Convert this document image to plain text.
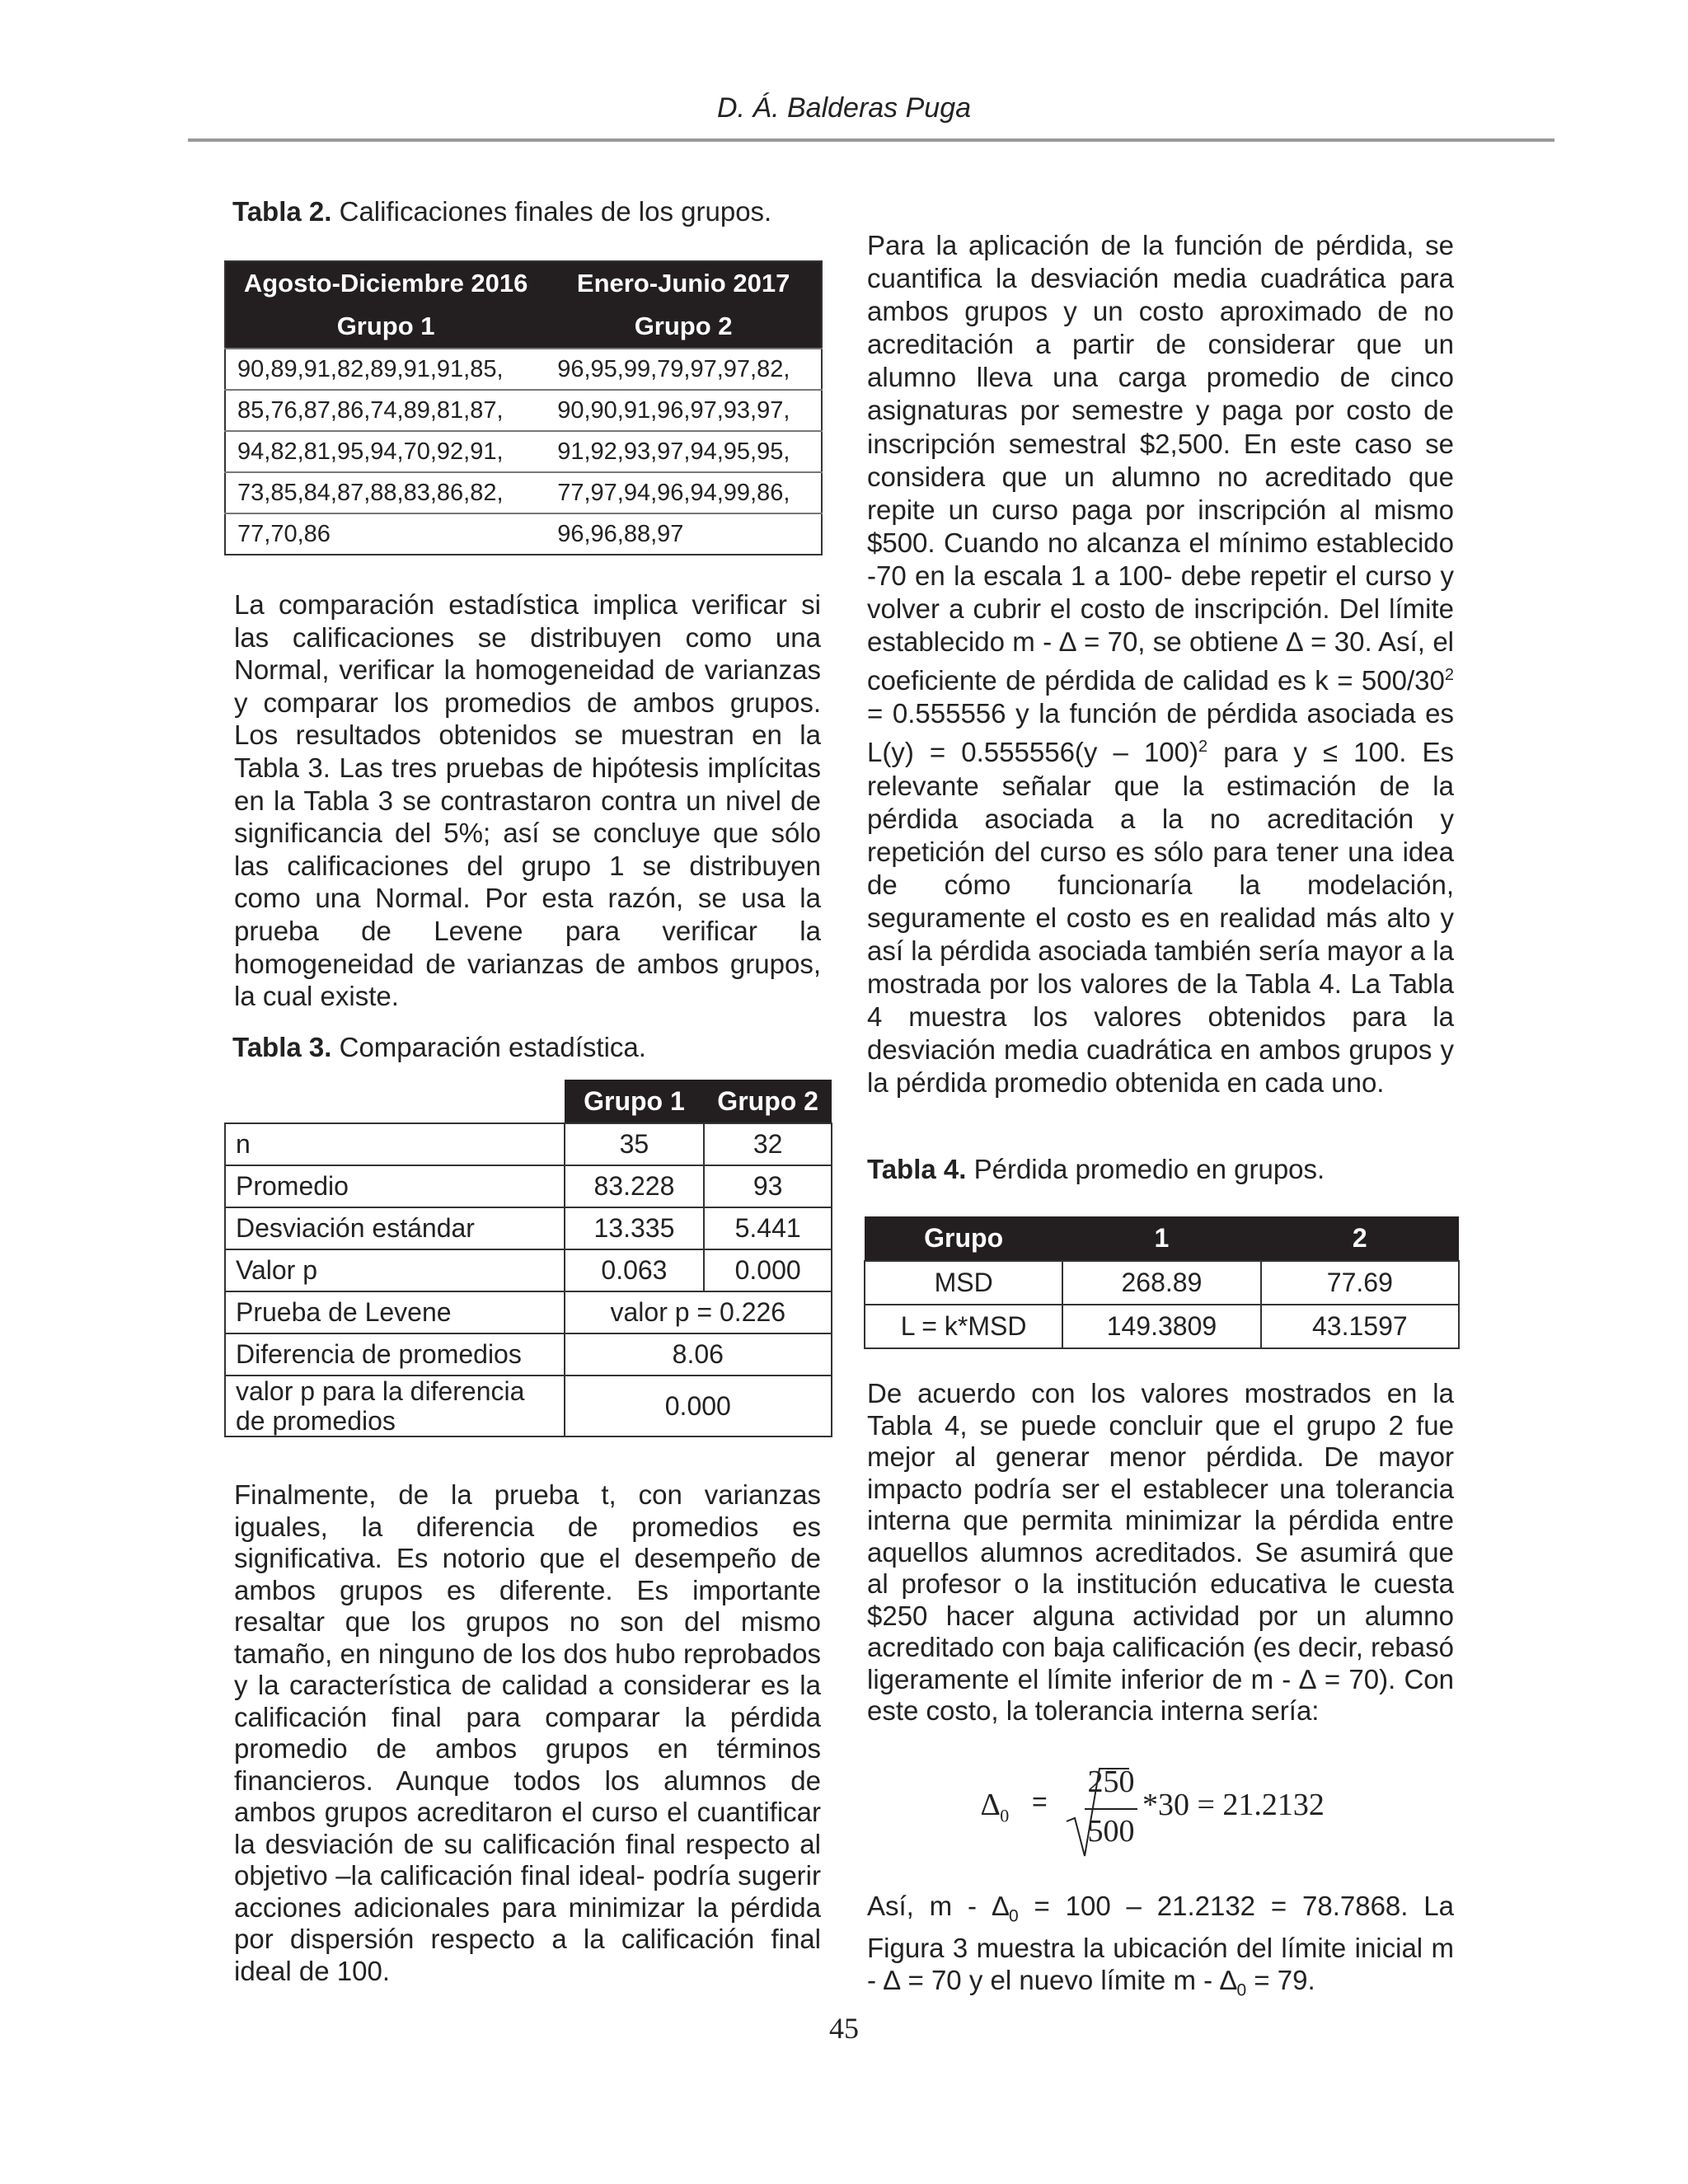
D. Á. Balderas Puga
Tabla 2. Calificaciones finales de los grupos.
Agosto-Diciembre 2016	Enero-Junio 2017
Grupo 1	Grupo 2
90,89,91,82,89,91,91,85,	96,95,99,79,97,97,82,
85,76,87,86,74,89,81,87,	90,90,91,96,97,93,97,
94,82,81,95,94,70,92,91,	91,92,93,97,94,95,95,
73,85,84,87,88,83,86,82,	77,97,94,96,94,99,86,
77,70,86	96,96,88,97
La comparación estadística implica verificar si las calificaciones se distribuyen como una Normal, verificar la homogeneidad de varianzas y comparar los promedios de ambos grupos. Los resultados obtenidos se muestran en la Tabla 3. Las tres pruebas de hipótesis implícitas en la Tabla 3 se contrastaron contra un nivel de significancia del 5%; así se concluye que sólo las calificaciones del grupo 1 se distribuyen como una Normal. Por esta razón, se usa la prueba de Levene para verificar la homogeneidad de varianzas de ambos grupos, la cual existe.
Tabla 3. Comparación estadística.
	Grupo 1	Grupo 2
n	35	32
Promedio	83.228	93
Desviación estándar	13.335	5.441
Valor p	0.063	0.000
Prueba de Levene	valor p = 0.226	
Diferencia de promedios	8.06	
valor p para la diferencia
de promedios	0.000	
Finalmente, de la prueba t, con varianzas iguales, la diferencia de promedios es significativa. Es notorio que el desempeño de ambos grupos es diferente. Es importante resaltar que los grupos no son del mismo tamaño, en ninguno de los dos hubo reprobados y la característica de calidad a considerar es la calificación final para comparar la pérdida promedio de ambos grupos en términos financieros. Aunque todos los alumnos de ambos grupos acreditaron el curso el cuantificar la desviación de su calificación final respecto al objetivo –la calificación final ideal- podría sugerir acciones adicionales para minimizar la pérdida por dispersión respecto a la calificación final ideal de 100.
Para la aplicación de la función de pérdida, se cuantifica la desviación media cuadrática para ambos grupos y un costo aproximado de no acreditación a partir de considerar que un alumno lleva una carga promedio de cinco asignaturas por semestre y paga por costo de inscripción semestral $2,500. En este caso se considera que un alumno no acreditado que repite un curso paga por inscripción al mismo $500. Cuando no alcanza el mínimo establecido -70 en la escala 1 a 100- debe repetir el curso y volver a cubrir el costo de inscripción. Del límite establecido m - ∆ = 70, se obtiene ∆ = 30. Así, el coeficiente de pérdida de calidad es $k = 500/30^2 = 0.555556$ y la función de pérdida asociada es L(y) = 0.555556(y – 100)$^2$ para y ≤ 100. Es relevante señalar que la estimación de la pérdida asociada a la no acreditación y repetición del curso es sólo para tener una idea de cómo funcionaría la modelación, seguramente el costo es en realidad más alto y así la pérdida asociada también sería mayor a la mostrada por los valores de la Tabla 4. La Tabla 4 muestra los valores obtenidos para la desviación media cuadrática en ambos grupos y la pérdida promedio obtenida en cada uno.
Tabla 4. Pérdida promedio en grupos.
Grupo	1	2
MSD	268.89	77.69
L = k*MSD	149.3809	43.1597
De acuerdo con los valores mostrados en la Tabla 4, se puede concluir que el grupo 2 fue mejor al generar menor pérdida. De mayor impacto podría ser el establecer una tolerancia interna que permita minimizar la pérdida entre aquellos alumnos acreditados. Se asumirá que al profesor o la institución educativa le cuesta $250 hacer alguna actividad por un alumno acreditado con baja calificación (es decir, rebasó ligeramente el límite inferior de m - ∆ = 70). Con este costo, la tolerancia interna sería:
$\Delta_0$ =
250
500
*30 = 21.2132
Así, $m - \Delta_0 = 100 - 21.2132 = 78.7868$. La Figura 3 muestra la ubicación del límite inicial m - ∆ = 70 y el nuevo límite $m - \Delta_0 = 79$.
45
